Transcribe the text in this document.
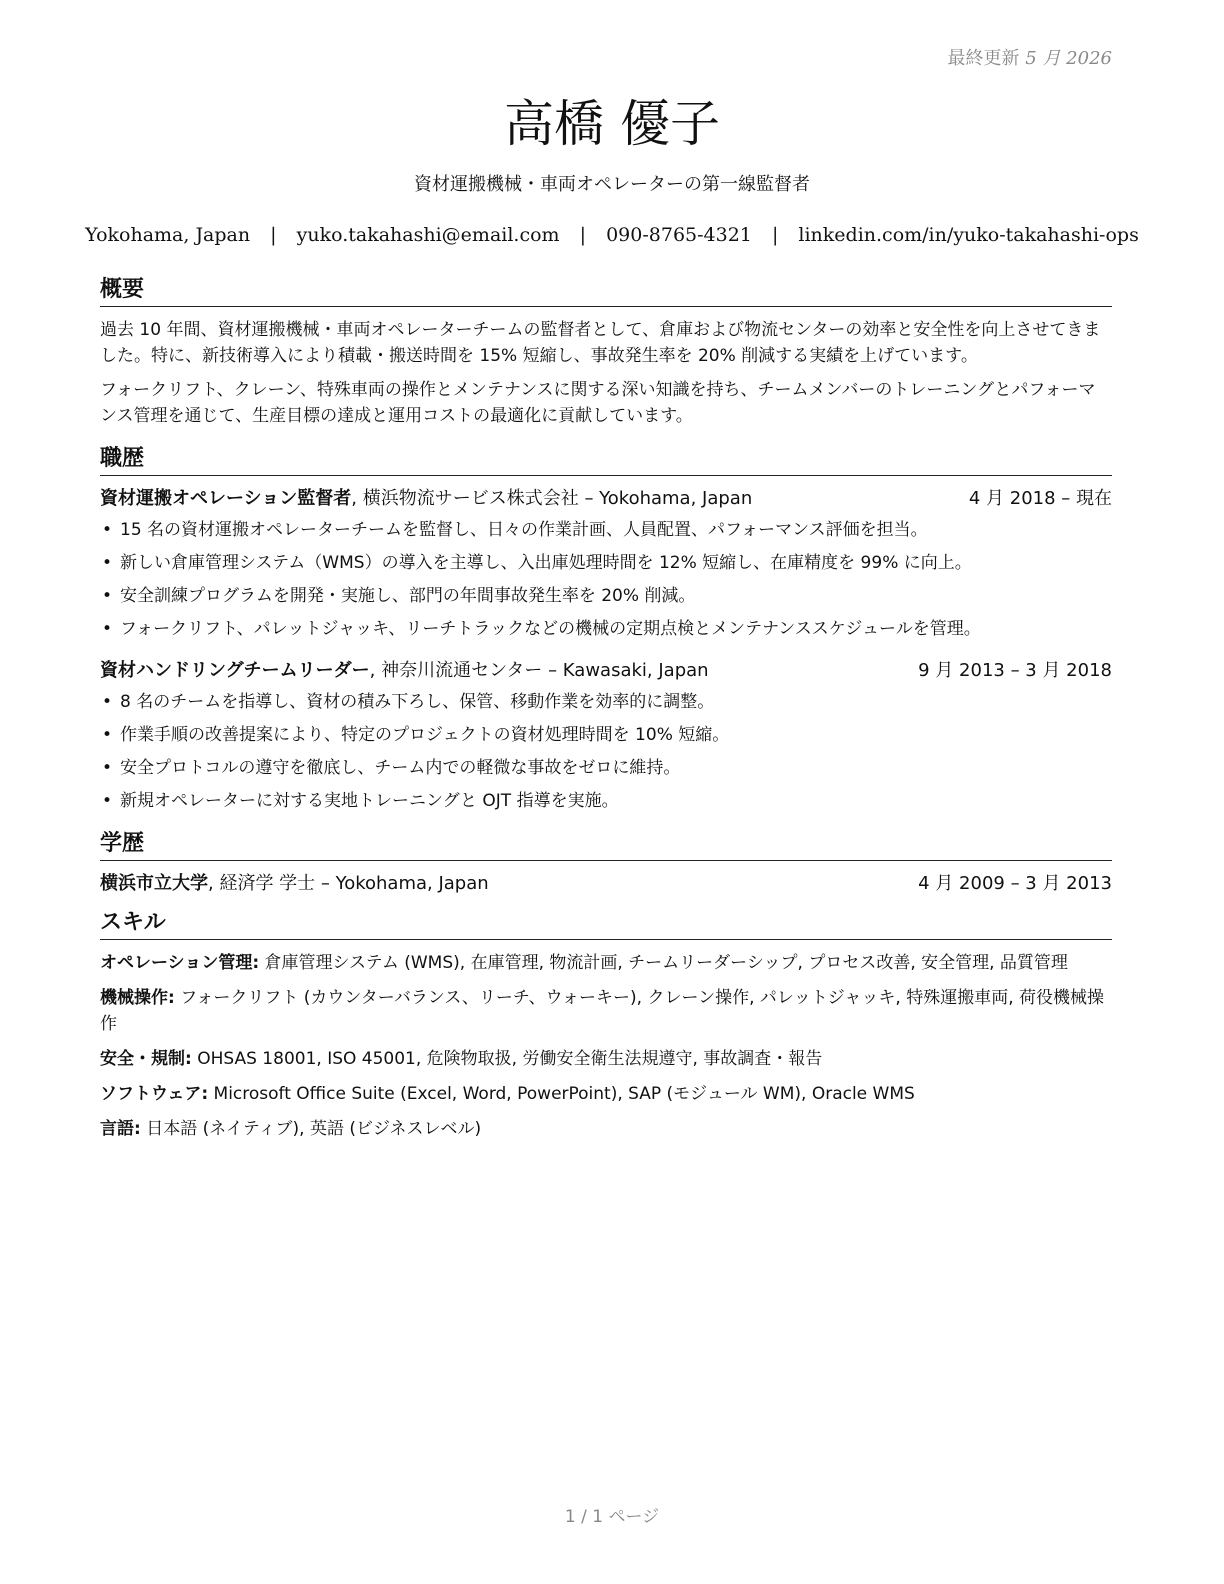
最終更新 5 月 2026
高橋 優子
資材運搬機械・車両オペレーターの第一線監督者
Yokohama, Japan | yuko.takahashi@email.com | 090-8765-4321 | linkedin.com/in/yuko-takahashi-ops
概要

過去 10 年間、資材運搬機械・車両オペレーターチームの監督者として、倉庫および物流センターの効率と安全性を向上させてきました。特に、新技術導入により積載・搬送時間を 15% 短縮し、事故発生率を 20% 削減する実績を上げています。

フォークリフト、クレーン、特殊車両の操作とメンテナンスに関する深い知識を持ち、チームメンバーのトレーニングとパフォーマンス管理を通じて、生産目標の達成と運用コストの最適化に貢献しています。

職歴
資材運搬オペレーション監督者, 横浜物流サービス株式会社 – Yokohama, Japan	4 月 2018 – 現在
• 15 名の資材運搬オペレーターチームを監督し、日々の作業計画、人員配置、パフォーマンス評価を担当。
• 新しい倉庫管理システム（WMS）の導入を主導し、入出庫処理時間を 12% 短縮し、在庫精度を 99% に向上。
• 安全訓練プログラムを開発・実施し、部門の年間事故発生率を 20% 削減。
• フォークリフト、パレットジャッキ、リーチトラックなどの機械の定期点検とメンテナンススケジュールを管理。
資材ハンドリングチームリーダー, 神奈川流通センター – Kawasaki, Japan	9 月 2013 – 3 月 2018
• 8 名のチームを指導し、資材の積み下ろし、保管、移動作業を効率的に調整。
• 作業手順の改善提案により、特定のプロジェクトの資材処理時間を 10% 短縮。
• 安全プロトコルの遵守を徹底し、チーム内での軽微な事故をゼロに維持。
• 新規オペレーターに対する実地トレーニングと OJT 指導を実施。
学歴
横浜市立大学, 経済学 学士 – Yokohama, Japan	4 月 2009 – 3 月 2013
スキル

オペレーション管理: 倉庫管理システム (WMS), 在庫管理, 物流計画, チームリーダーシップ, プロセス改善, 安全管理, 品質管理

機械操作: フォークリフト (カウンターバランス、リーチ、ウォーキー), クレーン操作, パレットジャッキ, 特殊運搬車両, 荷役機械操作

安全・規制: OHSAS 18001, ISO 45001, 危険物取扱, 労働安全衛生法規遵守, 事故調査・報告

ソフトウェア: Microsoft Office Suite (Excel, Word, PowerPoint), SAP (モジュール WM), Oracle WMS

言語: 日本語 (ネイティブ), 英語 (ビジネスレベル)

1 / 1 ページ
